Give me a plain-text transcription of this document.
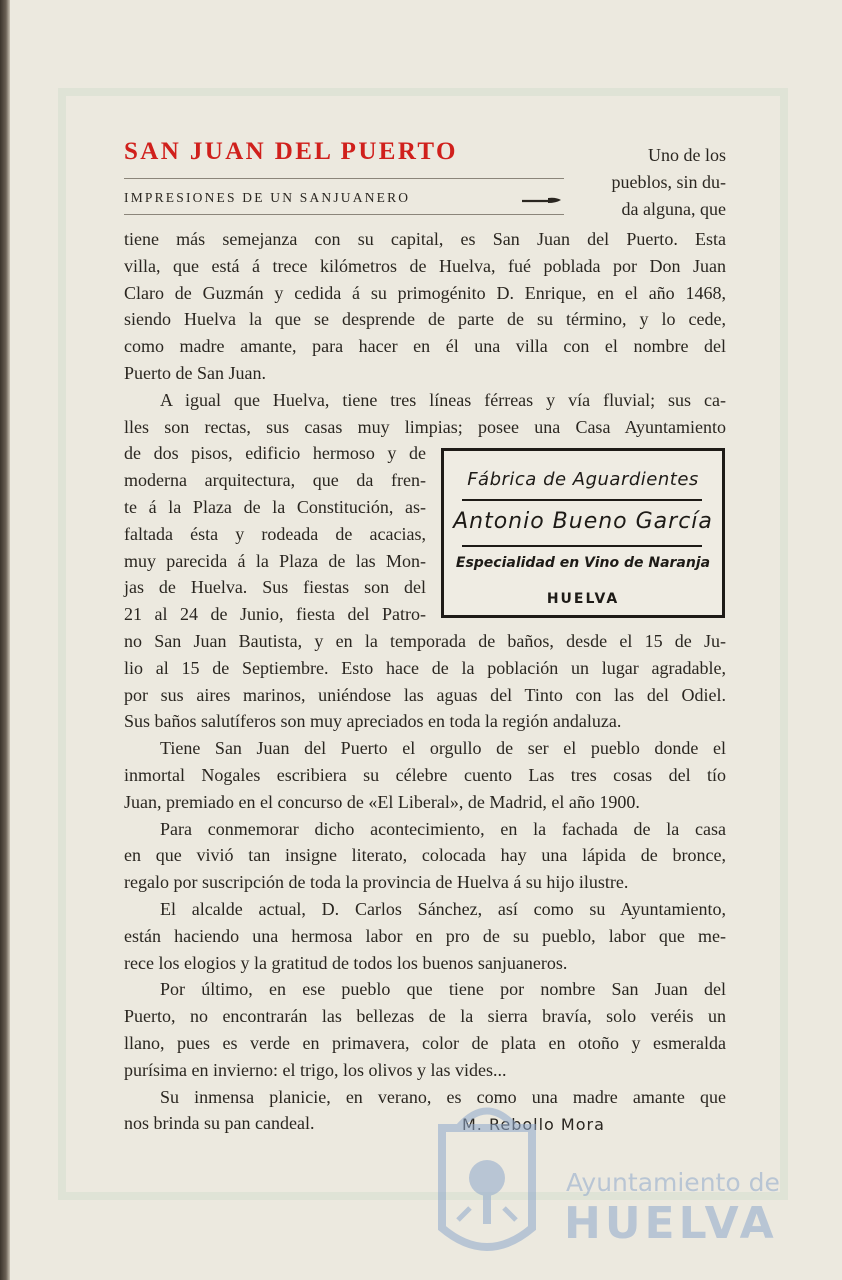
SAN JUAN DEL PUERTO

IMPRESIONES DE UN SANJUANERO

Uno de los
pueblos, sin du-
da alguna, que
tiene más semejanza con su capital, es San Juan del Puerto. Esta
villa, que está á trece kilómetros de Huelva, fué poblada por Don Juan
Claro de Guzmán y cedida á su primogénito D. Enrique, en el año 1468,
siendo Huelva la que se desprende de parte de su término, y lo cede,
como madre amante, para hacer en él una villa con el nombre del
Puerto de San Juan.
A igual que Huelva, tiene tres líneas férreas y vía fluvial; sus ca-
lles son rectas, sus casas muy limpias; posee una Casa Ayuntamiento
de dos pisos, edificio hermoso y de
moderna arquitectura, que da fren-
te á la Plaza de la Constitución, as-
faltada ésta y rodeada de acacias,
muy parecida á la Plaza de las Mon-
jas de Huelva. Sus fiestas son del
21 al 24 de Junio, fiesta del Patro-
no San Juan Bautista, y en la temporada de baños, desde el 15 de Ju-
lio al 15 de Septiembre. Esto hace de la población un lugar agradable,
por sus aires marinos, uniéndose las aguas del Tinto con las del Odiel.
Sus baños salutíferos son muy apreciados en toda la región andaluza.
Tiene San Juan del Puerto el orgullo de ser el pueblo donde el
inmortal Nogales escribiera su célebre cuento Las tres cosas del tío
Juan, premiado en el concurso de «El Liberal», de Madrid, el año 1900.
Para conmemorar dicho acontecimiento, en la fachada de la casa
en que vivió tan insigne literato, colocada hay una lápida de bronce,
regalo por suscripción de toda la provincia de Huelva á su hijo ilustre.
El alcalde actual, D. Carlos Sánchez, así como su Ayuntamiento,
están haciendo una hermosa labor en pro de su pueblo, labor que me-
rece los elogios y la gratitud de todos los buenos sanjuaneros.
Por último, en ese pueblo que tiene por nombre San Juan del
Puerto, no encontrarán las bellezas de la sierra bravía, solo veréis un
llano, pues es verde en primavera, color de plata en otoño y esmeralda
purísima en invierno: el trigo, los olivos y las vides...
Su inmensa planicie, en verano, es como una madre amante que
nos brinda su pan candeal.
Fábrica de Aguardientes
Antonio Bueno García
Especialidad en Vino de Naranja
HUELVA

M. Rebollo Mora

Ayuntamiento de

HUELVA
